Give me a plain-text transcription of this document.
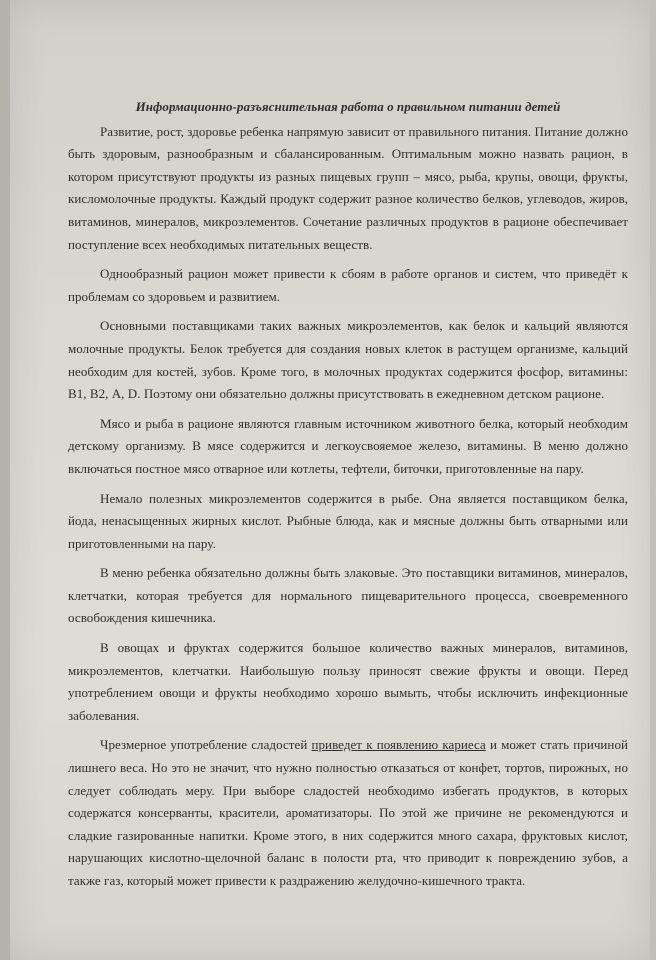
Информационно-разъяснительная работа о правильном питании детей

Развитие, рост, здоровье ребенка напрямую зависит от правильного питания. Питание должно быть здоровым, разнообразным и сбалансированным. Оптимальным можно назвать рацион, в котором присутствуют продукты из разных пищевых групп – мясо, рыба, крупы, овощи, фрукты, кисломолочные продукты. Каждый продукт содержит разное количество белков, углеводов, жиров, витаминов, минералов, микроэлементов. Сочетание различных продуктов в рационе обеспечивает поступление всех необходимых питательных веществ.

Однообразный рацион может привести к сбоям в работе органов и систем, что приведёт к проблемам со здоровьем и развитием.

Основными поставщиками таких важных микроэлементов, как белок и кальций являются молочные продукты. Белок требуется для создания новых клеток в растущем организме, кальций необходим для костей, зубов. Кроме того, в молочных продуктах содержится фосфор, витамины: В1, В2, А, D. Поэтому они обязательно должны присутствовать в ежедневном детском рационе.

Мясо и рыба в рационе являются главным источником животного белка, который необходим детскому организму. В мясе содержится и легкоусвояемое железо, витамины. В меню должно включаться постное мясо отварное или котлеты, тефтели, биточки, приготовленные на пару.

Немало полезных микроэлементов содержится в рыбе. Она является поставщиком белка, йода, ненасыщенных жирных кислот. Рыбные блюда, как и мясные должны быть отварными или приготовленными на пару.

В меню ребенка обязательно должны быть злаковые. Это поставщики витаминов, минералов, клетчатки, которая требуется для нормального пищеварительного процесса, своевременного освобождения кишечника.

В овощах и фруктах содержится большое количество важных минералов, витаминов, микроэлементов, клетчатки. Наибольшую пользу приносят свежие фрукты и овощи. Перед употреблением овощи и фрукты необходимо хорошо вымыть, чтобы исключить инфекционные заболевания.

Чрезмерное употребление сладостей приведет к появлению кариеса и может стать причиной лишнего веса. Но это не значит, что нужно полностью отказаться от конфет, тортов, пирожных, но следует соблюдать меру. При выборе сладостей необходимо избегать продуктов, в которых содержатся консерванты, красители, ароматизаторы. По этой же причине не рекомендуются и сладкие газированные напитки. Кроме этого, в них содержится много сахара, фруктовых кислот, нарушающих кислотно-щелочной баланс в полости рта, что приводит к повреждению зубов, а также газ, который может привести к раздражению желудочно-кишечного тракта.
